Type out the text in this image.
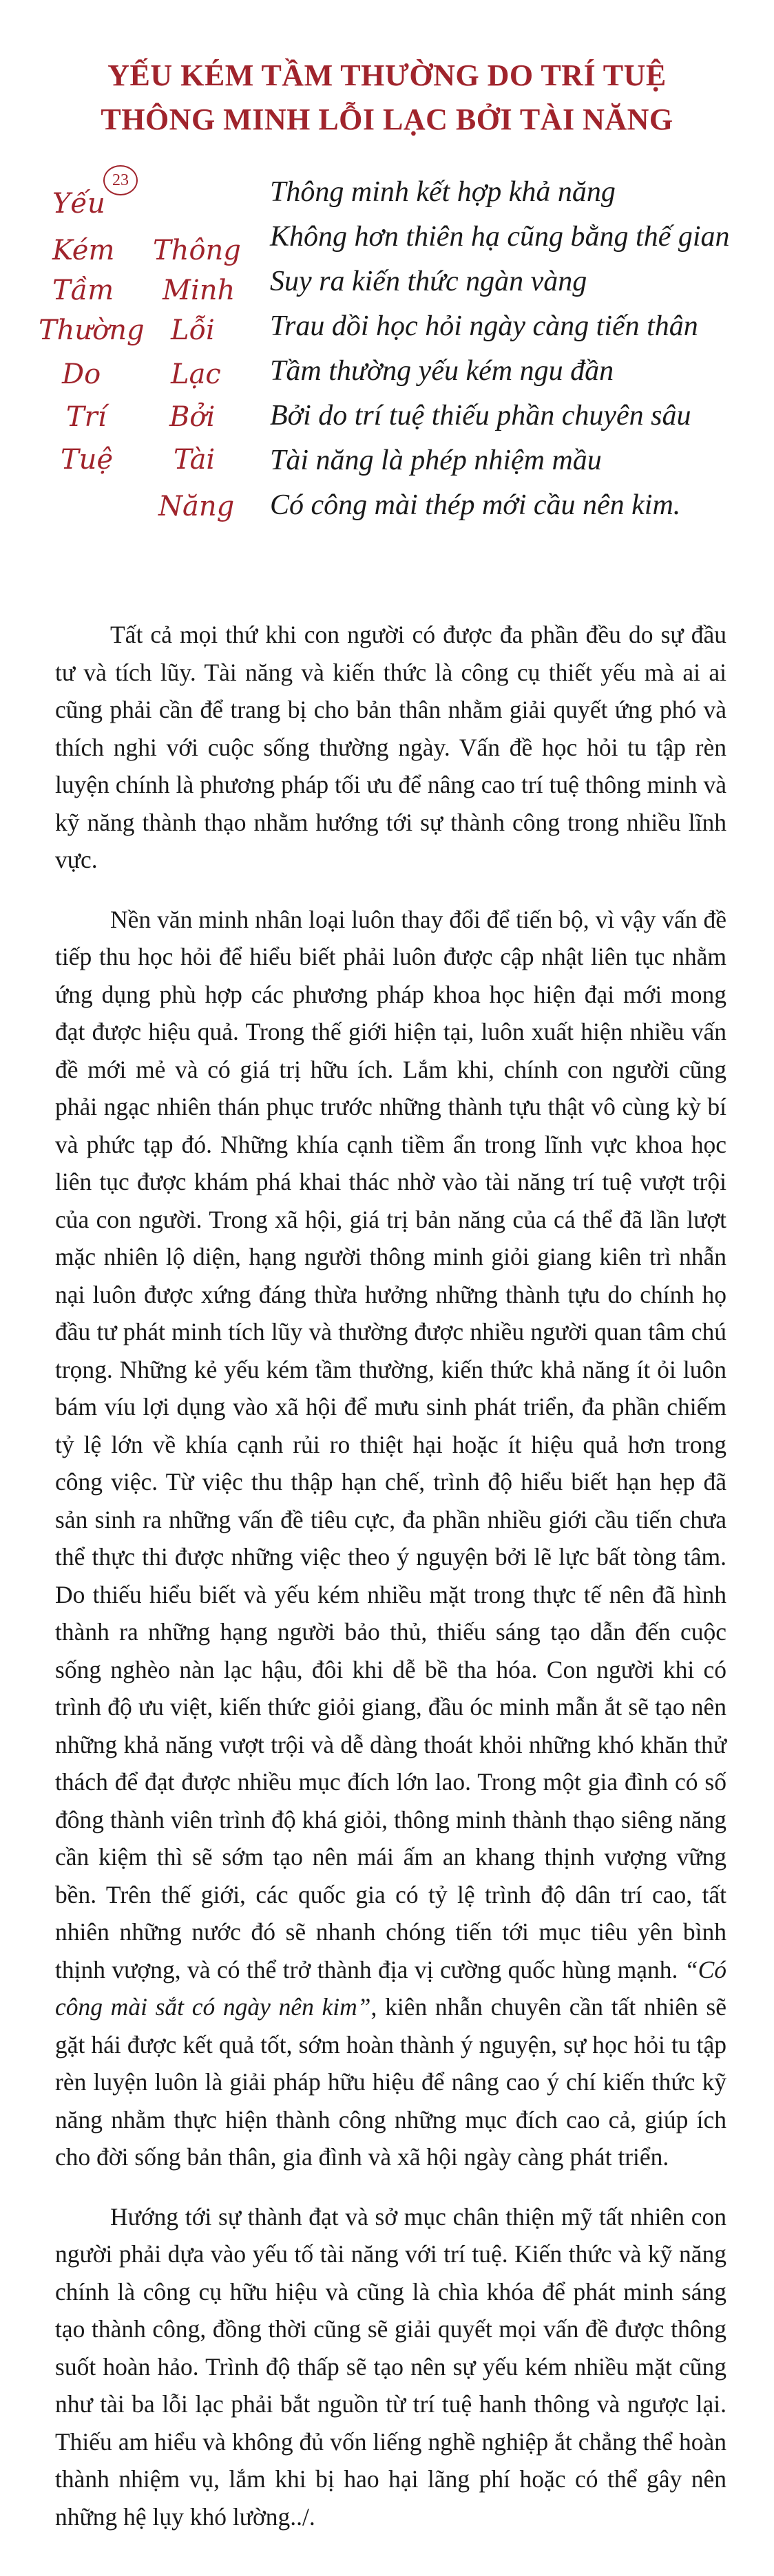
YẾU KÉM TẦM THƯỜNG DO TRÍ TUỆ
THÔNG MINH LỖI LẠC BỞI TÀI NĂNG
23
Yếu
Kém
Tầm
Thường
Do
Trí
Tuệ
Thông
Minh
Lỗi
Lạc
Bởi
Tài
Năng
Thông minh kết hợp khả năng
Không hơn thiên hạ cũng bằng thế gian
Suy ra kiến thức ngàn vàng
Trau dồi học hỏi ngày càng tiến thân
Tầm thường yếu kém ngu đần
Bởi do trí tuệ thiếu phần chuyên sâu
Tài năng là phép nhiệm mầu
Có công mài thép mới cầu nên kim.

Tất cả mọi thứ khi con người có được đa phần đều do sự đầu tư và tích lũy. Tài năng và kiến thức là công cụ thiết yếu mà ai ai cũng phải cần để trang bị cho bản thân nhằm giải quyết ứng phó và thích nghi với cuộc sống thường ngày. Vấn đề học hỏi tu tập rèn luyện chính là phương pháp tối ưu để nâng cao trí tuệ thông minh và kỹ năng thành thạo nhằm hướng tới sự thành công trong nhiều lĩnh vực.

Nền văn minh nhân loại luôn thay đổi để tiến bộ, vì vậy vấn đề tiếp thu học hỏi để hiểu biết phải luôn được cập nhật liên tục nhằm ứng dụng phù hợp các phương pháp khoa học hiện đại mới mong đạt được hiệu quả. Trong thế giới hiện tại, luôn xuất hiện nhiều vấn đề mới mẻ và có giá trị hữu ích. Lắm khi, chính con người cũng phải ngạc nhiên thán phục trước những thành tựu thật vô cùng kỳ bí và phức tạp đó. Những khía cạnh tiềm ẩn trong lĩnh vực khoa học liên tục được khám phá khai thác nhờ vào tài năng trí tuệ vượt trội của con người. Trong xã hội, giá trị bản năng của cá thể đã lần lượt mặc nhiên lộ diện, hạng người thông minh giỏi giang kiên trì nhẫn nại luôn được xứng đáng thừa hưởng những thành tựu do chính họ đầu tư phát minh tích lũy và thường được nhiều người quan tâm chú trọng. Những kẻ yếu kém tầm thường, kiến thức khả năng ít ỏi luôn bám víu lợi dụng vào xã hội để mưu sinh phát triển, đa phần chiếm tỷ lệ lớn về khía cạnh rủi ro thiệt hại hoặc ít hiệu quả hơn trong công việc. Từ việc thu thập hạn chế, trình độ hiểu biết hạn hẹp đã sản sinh ra những vấn đề tiêu cực, đa phần nhiều giới cầu tiến chưa thể thực thi được những việc theo ý nguyện bởi lẽ lực bất tòng tâm. Do thiếu hiểu biết và yếu kém nhiều mặt trong thực tế nên đã hình thành ra những hạng người bảo thủ, thiếu sáng tạo dẫn đến cuộc sống nghèo nàn lạc hậu, đôi khi dễ bề tha hóa. Con người khi có trình độ ưu việt, kiến thức giỏi giang, đầu óc minh mẫn ắt sẽ tạo nên những khả năng vượt trội và dễ dàng thoát khỏi những khó khăn thử thách để đạt được nhiều mục đích lớn lao. Trong một gia đình có số đông thành viên trình độ khá giỏi, thông minh thành thạo siêng năng cần kiệm thì sẽ sớm tạo nên mái ấm an khang thịnh vượng vững bền. Trên thế giới, các quốc gia có tỷ lệ trình độ dân trí cao, tất nhiên những nước đó sẽ nhanh chóng tiến tới mục tiêu yên bình thịnh vượng, và có thể trở thành địa vị cường quốc hùng mạnh. “Có công mài sắt có ngày nên kim”, kiên nhẫn chuyên cần tất nhiên sẽ gặt hái được kết quả tốt, sớm hoàn thành ý nguyện, sự học hỏi tu tập rèn luyện luôn là giải pháp hữu hiệu để nâng cao ý chí kiến thức kỹ năng nhằm thực hiện thành công những mục đích cao cả, giúp ích cho đời sống bản thân, gia đình và xã hội ngày càng phát triển.

Hướng tới sự thành đạt và sở mục chân thiện mỹ tất nhiên con người phải dựa vào yếu tố tài năng với trí tuệ. Kiến thức và kỹ năng chính là công cụ hữu hiệu và cũng là chìa khóa để phát minh sáng tạo thành công, đồng thời cũng sẽ giải quyết mọi vấn đề được thông suốt hoàn hảo. Trình độ thấp sẽ tạo nên sự yếu kém nhiều mặt cũng như tài ba lỗi lạc phải bắt nguồn từ trí tuệ hanh thông và ngược lại. Thiếu am hiểu và không đủ vốn liếng nghề nghiệp ắt chẳng thể hoàn thành nhiệm vụ, lắm khi bị hao hại lãng phí hoặc có thể gây nên những hệ lụy khó lường../.
